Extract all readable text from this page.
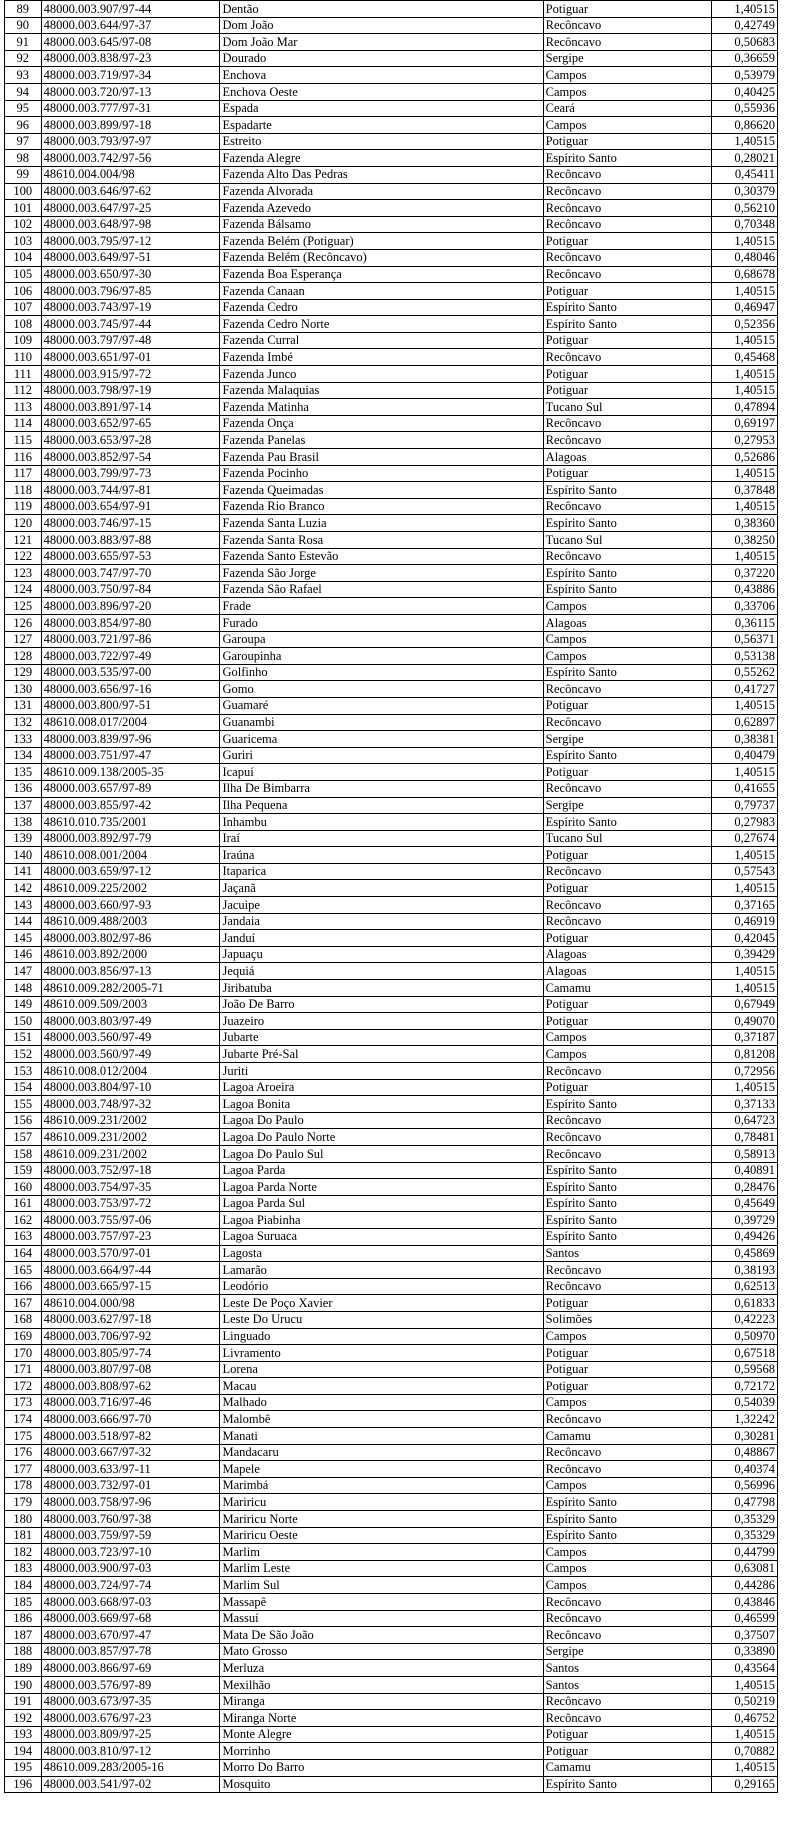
89	48000.003.907/97-44	Dentão	Potiguar	1,40515
90	48000.003.644/97-37	Dom João	Recôncavo	0,42749
91	48000.003.645/97-08	Dom João Mar	Recôncavo	0,50683
92	48000.003.838/97-23	Dourado	Sergipe	0,36659
93	48000.003.719/97-34	Enchova	Campos	0,53979
94	48000.003.720/97-13	Enchova Oeste	Campos	0,40425
95	48000.003.777/97-31	Espada	Ceará	0,55936
96	48000.003.899/97-18	Espadarte	Campos	0,86620
97	48000.003.793/97-97	Estreito	Potiguar	1,40515
98	48000.003.742/97-56	Fazenda Alegre	Espírito Santo	0,28021
99	48610.004.004/98	Fazenda Alto Das Pedras	Recôncavo	0,45411
100	48000.003.646/97-62	Fazenda Alvorada	Recôncavo	0,30379
101	48000.003.647/97-25	Fazenda Azevedo	Recôncavo	0,56210
102	48000.003.648/97-98	Fazenda Bálsamo	Recôncavo	0,70348
103	48000.003.795/97-12	Fazenda Belém (Potiguar)	Potiguar	1,40515
104	48000.003.649/97-51	Fazenda Belém (Recôncavo)	Recôncavo	0,48046
105	48000.003.650/97-30	Fazenda Boa Esperança	Recôncavo	0,68678
106	48000.003.796/97-85	Fazenda Canaan	Potiguar	1,40515
107	48000.003.743/97-19	Fazenda Cedro	Espírito Santo	0,46947
108	48000.003.745/97-44	Fazenda Cedro Norte	Espírito Santo	0,52356
109	48000.003.797/97-48	Fazenda Curral	Potiguar	1,40515
110	48000.003.651/97-01	Fazenda Imbé	Recôncavo	0,45468
111	48000.003.915/97-72	Fazenda Junco	Potiguar	1,40515
112	48000.003.798/97-19	Fazenda Malaquias	Potiguar	1,40515
113	48000.003.891/97-14	Fazenda Matinha	Tucano Sul	0,47894
114	48000.003.652/97-65	Fazenda Onça	Recôncavo	0,69197
115	48000.003.653/97-28	Fazenda Panelas	Recôncavo	0,27953
116	48000.003.852/97-54	Fazenda Pau Brasil	Alagoas	0,52686
117	48000.003.799/97-73	Fazenda Pocinho	Potiguar	1,40515
118	48000.003.744/97-81	Fazenda Queimadas	Espírito Santo	0,37848
119	48000.003.654/97-91	Fazenda Rio Branco	Recôncavo	1,40515
120	48000.003.746/97-15	Fazenda Santa Luzia	Espírito Santo	0,38360
121	48000.003.883/97-88	Fazenda Santa Rosa	Tucano Sul	0,38250
122	48000.003.655/97-53	Fazenda Santo Estevão	Recôncavo	1,40515
123	48000.003.747/97-70	Fazenda São Jorge	Espírito Santo	0,37220
124	48000.003.750/97-84	Fazenda São Rafael	Espírito Santo	0,43886
125	48000.003.896/97-20	Frade	Campos	0,33706
126	48000.003.854/97-80	Furado	Alagoas	0,36115
127	48000.003.721/97-86	Garoupa	Campos	0,56371
128	48000.003.722/97-49	Garoupinha	Campos	0,53138
129	48000.003.535/97-00	Golfinho	Espírito Santo	0,55262
130	48000.003.656/97-16	Gomo	Recôncavo	0,41727
131	48000.003.800/97-51	Guamaré	Potiguar	1,40515
132	48610.008.017/2004	Guanambi	Recôncavo	0,62897
133	48000.003.839/97-96	Guaricema	Sergipe	0,38381
134	48000.003.751/97-47	Guriri	Espírito Santo	0,40479
135	48610.009.138/2005-35	Icapuí	Potiguar	1,40515
136	48000.003.657/97-89	Ilha De Bimbarra	Recôncavo	0,41655
137	48000.003.855/97-42	Ilha Pequena	Sergipe	0,79737
138	48610.010.735/2001	Inhambu	Espírito Santo	0,27983
139	48000.003.892/97-79	Iraí	Tucano Sul	0,27674
140	48610.008.001/2004	Iraúna	Potiguar	1,40515
141	48000.003.659/97-12	Itaparica	Recôncavo	0,57543
142	48610.009.225/2002	Jaçanã	Potiguar	1,40515
143	48000.003.660/97-93	Jacuipe	Recôncavo	0,37165
144	48610.009.488/2003	Jandaia	Recôncavo	0,46919
145	48000.003.802/97-86	Janduí	Potiguar	0,42045
146	48610.003.892/2000	Japuaçu	Alagoas	0,39429
147	48000.003.856/97-13	Jequiá	Alagoas	1,40515
148	48610.009.282/2005-71	Jiribatuba	Camamu	1,40515
149	48610.009.509/2003	João De Barro	Potiguar	0,67949
150	48000.003.803/97-49	Juazeiro	Potiguar	0,49070
151	48000.003.560/97-49	Jubarte	Campos	0,37187
152	48000.003.560/97-49	Jubarte Pré-Sal	Campos	0,81208
153	48610.008.012/2004	Juriti	Recôncavo	0,72956
154	48000.003.804/97-10	Lagoa Aroeira	Potiguar	1,40515
155	48000.003.748/97-32	Lagoa Bonita	Espírito Santo	0,37133
156	48610.009.231/2002	Lagoa Do Paulo	Recôncavo	0,64723
157	48610.009.231/2002	Lagoa Do Paulo Norte	Recôncavo	0,78481
158	48610.009.231/2002	Lagoa Do Paulo Sul	Recôncavo	0,58913
159	48000.003.752/97-18	Lagoa Parda	Espírito Santo	0,40891
160	48000.003.754/97-35	Lagoa Parda Norte	Espírito Santo	0,28476
161	48000.003.753/97-72	Lagoa Parda Sul	Espírito Santo	0,45649
162	48000.003.755/97-06	Lagoa Piabinha	Espírito Santo	0,39729
163	48000.003.757/97-23	Lagoa Suruaca	Espírito Santo	0,49426
164	48000.003.570/97-01	Lagosta	Santos	0,45869
165	48000.003.664/97-44	Lamarão	Recôncavo	0,38193
166	48000.003.665/97-15	Leodório	Recôncavo	0,62513
167	48610.004.000/98	Leste De Poço Xavier	Potiguar	0,61833
168	48000.003.627/97-18	Leste Do Urucu	Solimões	0,42223
169	48000.003.706/97-92	Linguado	Campos	0,50970
170	48000.003.805/97-74	Livramento	Potiguar	0,67518
171	48000.003.807/97-08	Lorena	Potiguar	0,59568
172	48000.003.808/97-62	Macau	Potiguar	0,72172
173	48000.003.716/97-46	Malhado	Campos	0,54039
174	48000.003.666/97-70	Malombê	Recôncavo	1,32242
175	48000.003.518/97-82	Manati	Camamu	0,30281
176	48000.003.667/97-32	Mandacaru	Recôncavo	0,48867
177	48000.003.633/97-11	Mapele	Recôncavo	0,40374
178	48000.003.732/97-01	Marimbá	Campos	0,56996
179	48000.003.758/97-96	Mariricu	Espírito Santo	0,47798
180	48000.003.760/97-38	Mariricu Norte	Espírito Santo	0,35329
181	48000.003.759/97-59	Mariricu Oeste	Espírito Santo	0,35329
182	48000.003.723/97-10	Marlim	Campos	0,44799
183	48000.003.900/97-03	Marlim Leste	Campos	0,63081
184	48000.003.724/97-74	Marlim Sul	Campos	0,44286
185	48000.003.668/97-03	Massapê	Recôncavo	0,43846
186	48000.003.669/97-68	Massuí	Recôncavo	0,46599
187	48000.003.670/97-47	Mata De São João	Recôncavo	0,37507
188	48000.003.857/97-78	Mato Grosso	Sergipe	0,33890
189	48000.003.866/97-69	Merluza	Santos	0,43564
190	48000.003.576/97-89	Mexilhão	Santos	1,40515
191	48000.003.673/97-35	Miranga	Recôncavo	0,50219
192	48000.003.676/97-23	Miranga Norte	Recôncavo	0,46752
193	48000.003.809/97-25	Monte Alegre	Potiguar	1,40515
194	48000.003.810/97-12	Morrinho	Potiguar	0,70882
195	48610.009.283/2005-16	Morro Do Barro	Camamu	1,40515
196	48000.003.541/97-02	Mosquito	Espírito Santo	0,29165
